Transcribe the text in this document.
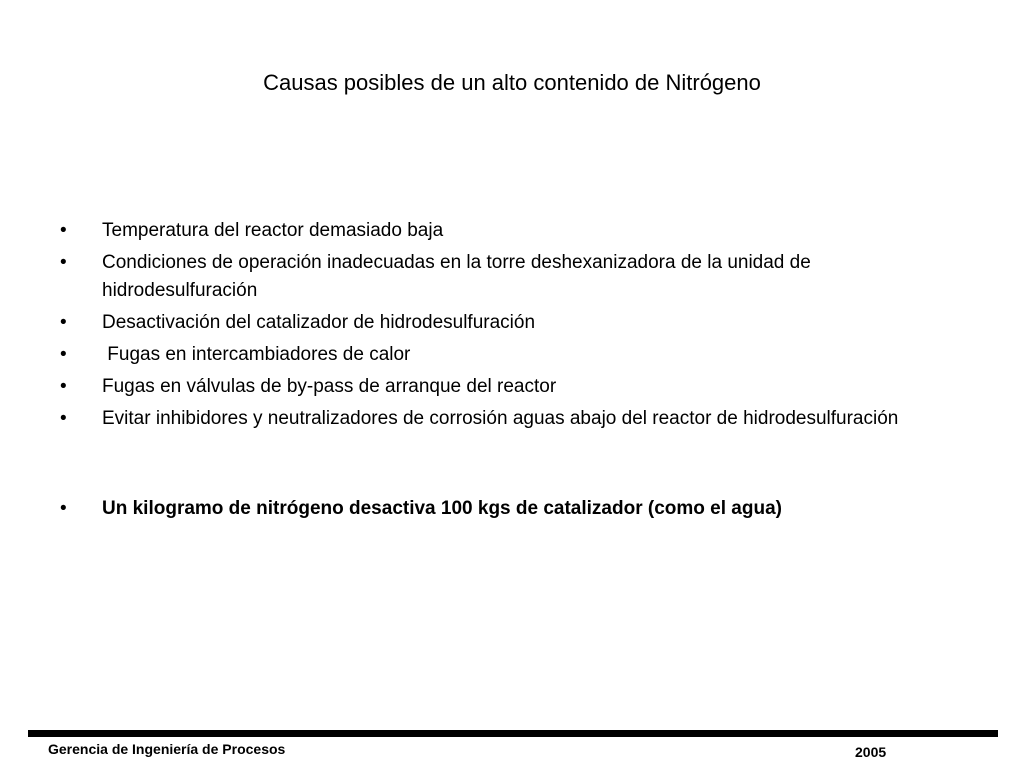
Causas posibles de un alto contenido de Nitrógeno
• Temperatura del reactor demasiado baja
• Condiciones de operación inadecuadas en la torre deshexanizadora de la unidad de hidrodesulfuración
• Desactivación del catalizador de hidrodesulfuración
• Fugas en intercambiadores de calor
• Fugas en válvulas de by-pass de arranque del reactor
• Evitar inhibidores y neutralizadores de corrosión aguas abajo del reactor de hidrodesulfuración
• Un kilogramo de nitrógeno desactiva 100 kgs de catalizador (como el agua)
Gerencia de Ingeniería de Procesos	2005
